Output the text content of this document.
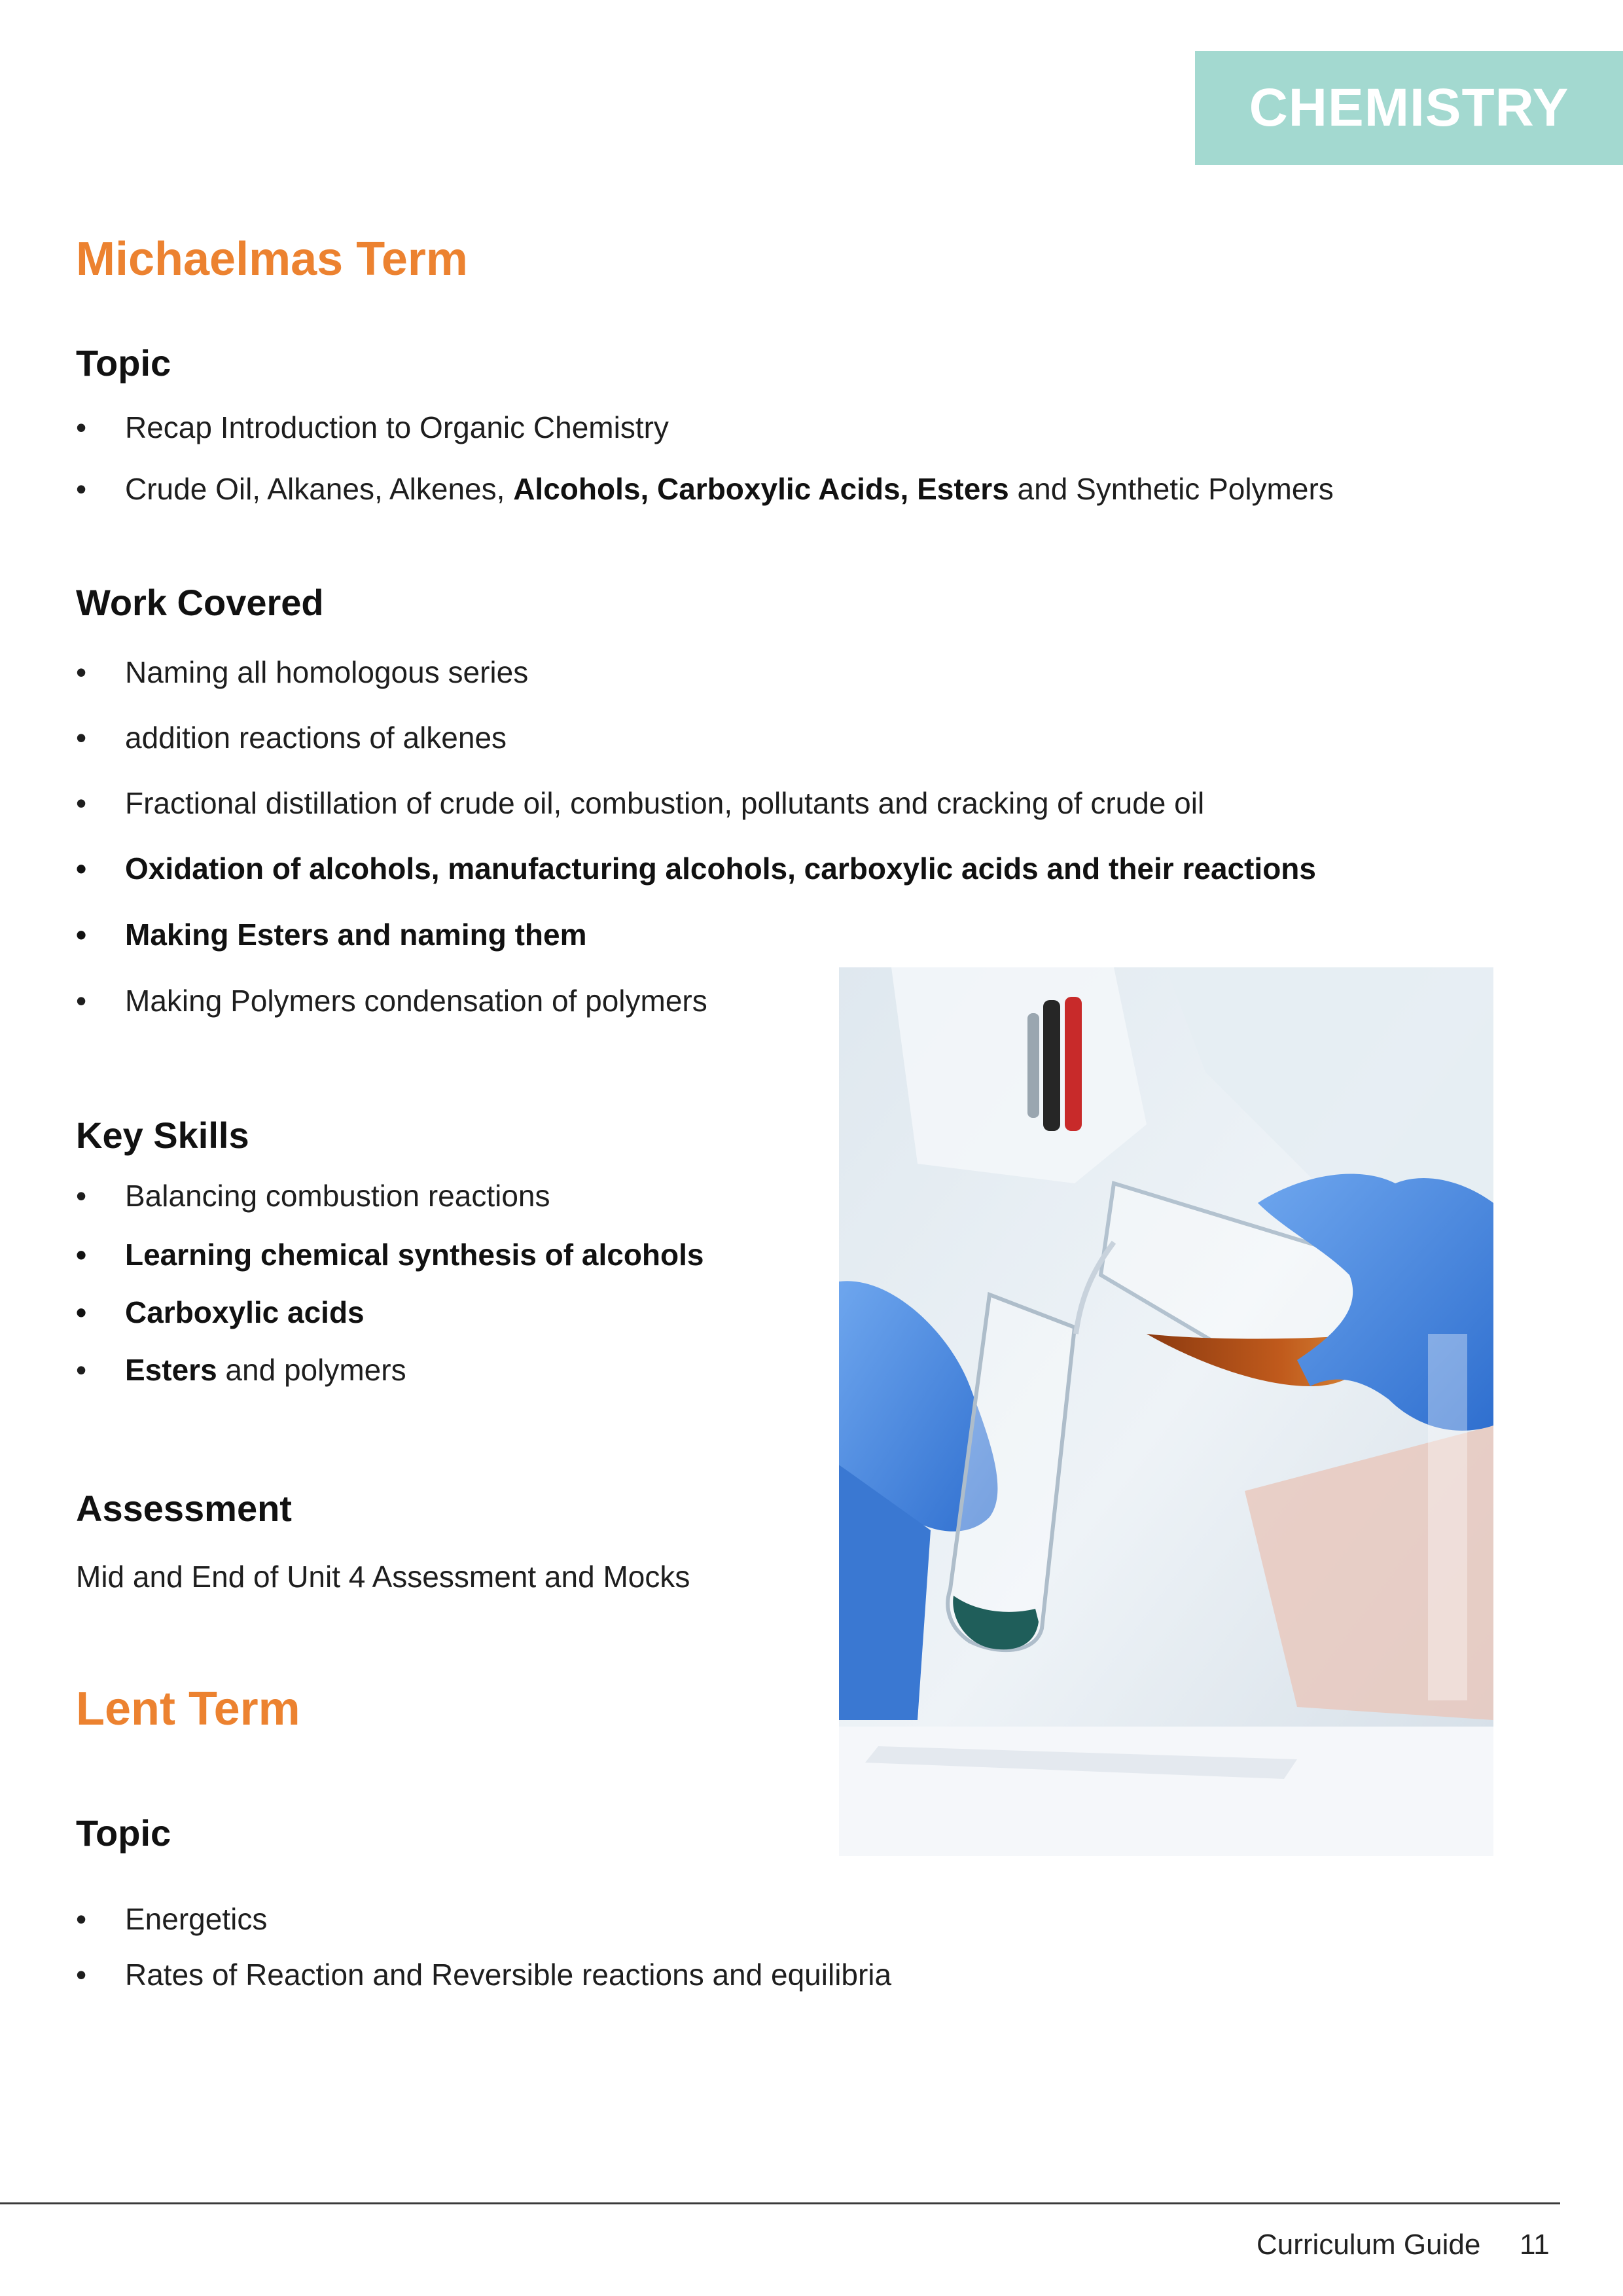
CHEMISTRY
Michaelmas Term
Topic
• Recap Introduction to Organic Chemistry
• Crude Oil, Alkanes, Alkenes, Alcohols, Carboxylic Acids, Esters and Synthetic Polymers
Work Covered
• Naming all homologous series
• addition reactions of alkenes
• Fractional distillation of crude oil, combustion, pollutants and cracking of crude oil
• Oxidation of alcohols, manufacturing alcohols, carboxylic acids and their reactions
• Making Esters and naming them
• Making Polymers condensation of polymers
Key Skills
• Balancing combustion reactions
• Learning chemical synthesis of alcohols
• Carboxylic acids
• Esters and polymers
Assessment
Mid and End of Unit 4 Assessment and Mocks
Lent Term
Topic
• Energetics
• Rates of Reaction and Reversible reactions and equilibria
Curriculum Guide 11
